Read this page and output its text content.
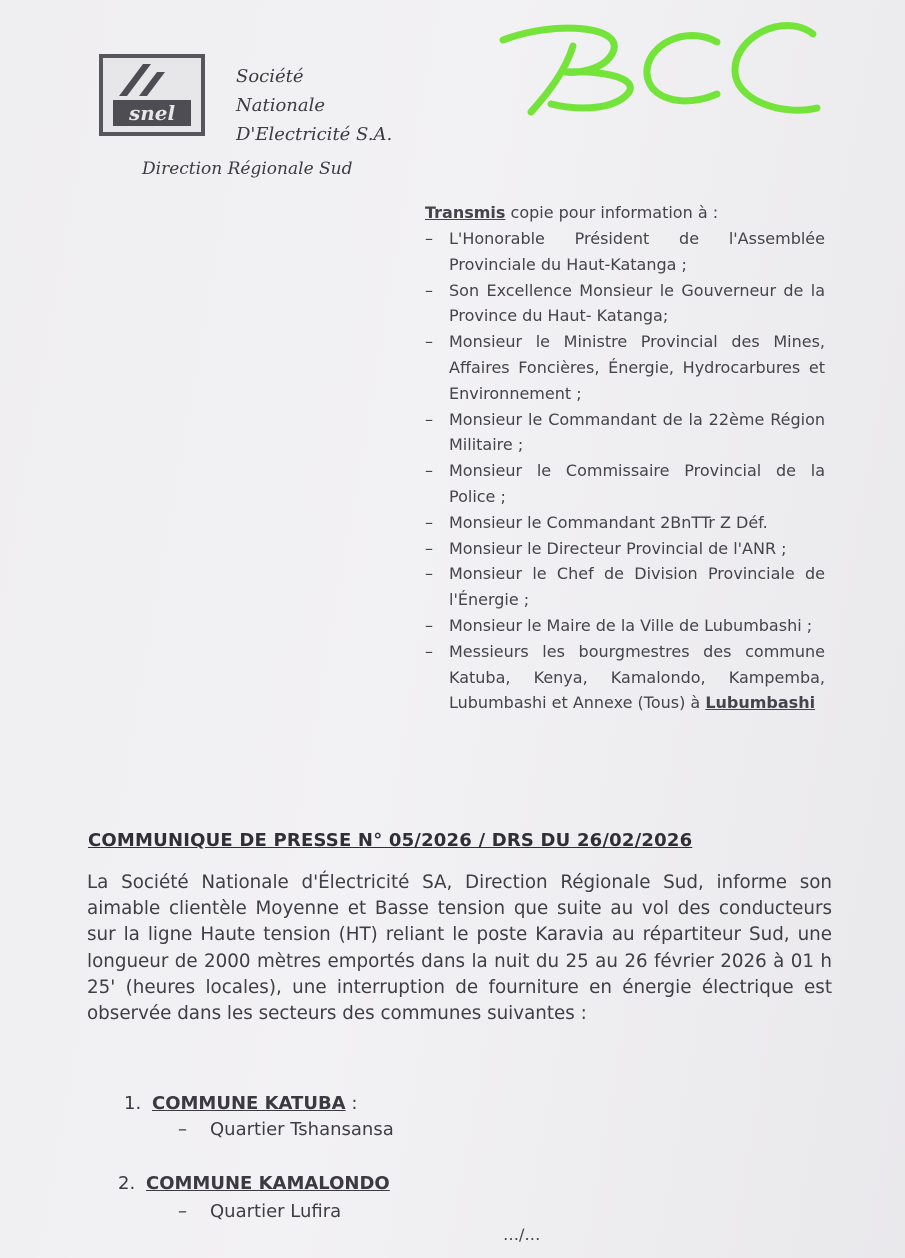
snel
Société
Nationale
D'Electricité S.A.
Direction Régionale Sud
Transmis copie pour information à :
– L'Honorable Président de l'Assemblée Provinciale du Haut-Katanga ;
– Son Excellence Monsieur le Gouverneur de la Province du Haut- Katanga;
– Monsieur le Ministre Provincial des Mines, Affaires Foncières, Énergie, Hydrocarbures et Environnement ;
– Monsieur le Commandant de la 22ème Région Militaire ;
– Monsieur le Commissaire Provincial de la Police ;
– Monsieur le Commandant 2BnTTr Z Déf.
– Monsieur le Directeur Provincial de l'ANR ;
– Monsieur le Chef de Division Provinciale de l'Énergie ;
– Monsieur le Maire de la Ville de Lubumbashi ;
– Messieurs les bourgmestres des commune Katuba, Kenya, Kamalondo, Kampemba, Lubumbashi et Annexe (Tous) à Lubumbashi
COMMUNIQUE DE PRESSE N° 05/2026 / DRS DU 26/02/2026
La Société Nationale d'Électricité SA, Direction Régionale Sud, informe son aimable clientèle Moyenne et Basse tension que suite au vol des conducteurs sur la ligne Haute tension (HT) reliant le poste Karavia au répartiteur Sud, une longueur de 2000 mètres emportés dans la nuit du 25 au 26 février 2026 à 01 h 25' (heures locales), une interruption de fourniture en énergie électrique est observée dans les secteurs des communes suivantes :
1. COMMUNE KATUBA :
– Quartier Tshansansa
2. COMMUNE KAMALONDO
– Quartier Lufira
…/…
